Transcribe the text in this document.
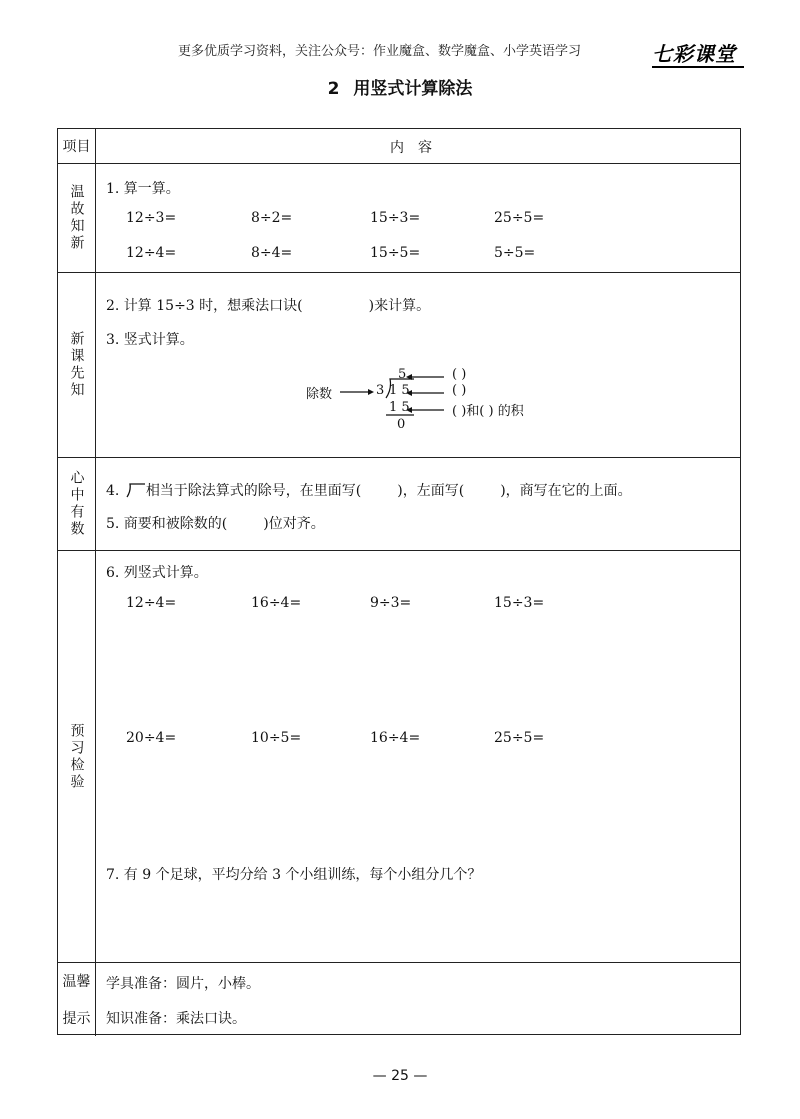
更多优质学习资料，关注公众号：作业魔盒、数学魔盒、小学英语学习	七彩课堂
2 用竖式计算除法
项目	内容
温故知新 1. 算一算。
12÷3=	8÷2=	15÷3=	25÷5=
12÷4=	8÷4=	15÷5=	5÷5=
新课先知
2. 计算 15÷3 时，想乘法口诀(	)来计算。
3. 竖式计算。
除数	3
5
1 5
1 5
0
( )
( )
( )和( ) 的积
心中有数 4. 相当于除法算式的除号，在里面写(	)，左面写(	)，商写在它的上面。
5. 商要和被除数的(	)位对齐。
预习检验
6. 列竖式计算。
12÷4=	16÷4=	9÷3=	15÷3=
20÷4=	10÷5=	16÷4=	25÷5=
7. 有 9 个足球，平均分给 3 个小组训练，每个小组分几个？
温馨
提示
学具准备：圆片，小棒。
知识准备：乘法口诀。
— 25 —
